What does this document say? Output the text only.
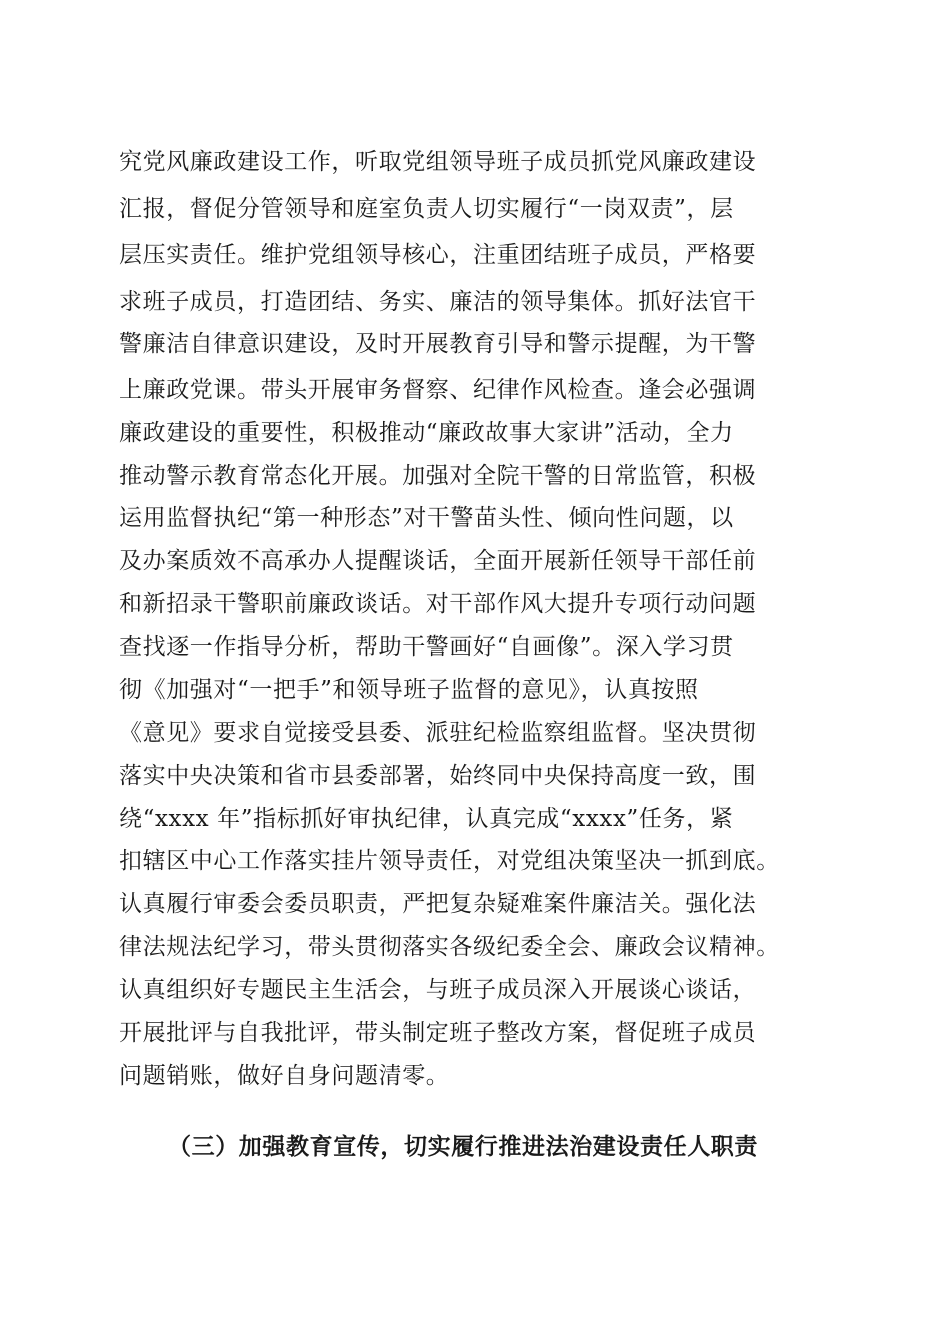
究党风廉政建设工作，听取党组领导班子成员抓党风廉政建设
汇报，督促分管领导和庭室负责人切实履行“一岗双责”，层
层压实责任。维护党组领导核心，注重团结班子成员，严格要
求班子成员，打造团结、务实、廉洁的领导集体。抓好法官干
警廉洁自律意识建设，及时开展教育引导和警示提醒，为干警
上廉政党课。带头开展审务督察、纪律作风检查。逢会必强调
廉政建设的重要性，积极推动“廉政故事大家讲”活动，全力
推动警示教育常态化开展。加强对全院干警的日常监管，积极
运用监督执纪“第一种形态”对干警苗头性、倾向性问题，以
及办案质效不高承办人提醒谈话，全面开展新任领导干部任前
和新招录干警职前廉政谈话。对干部作风大提升专项行动问题
查找逐一作指导分析，帮助干警画好“自画像”。深入学习贯
彻《加强对“一把手”和领导班子监督的意见》，认真按照
《意见》要求自觉接受县委、派驻纪检监察组监督。坚决贯彻
落实中央决策和省市县委部署，始终同中央保持高度一致，围
绕“xxxx 年”指标抓好审执纪律，认真完成“xxxx”任务，紧
扣辖区中心工作落实挂片领导责任，对党组决策坚决一抓到底。
认真履行审委会委员职责，严把复杂疑难案件廉洁关。强化法
律法规法纪学习，带头贯彻落实各级纪委全会、廉政会议精神。
认真组织好专题民主生活会，与班子成员深入开展谈心谈话，
开展批评与自我批评，带头制定班子整改方案，督促班子成员
问题销账，做好自身问题清零。
（三）加强教育宣传，切实履行推进法治建设责任人职责
